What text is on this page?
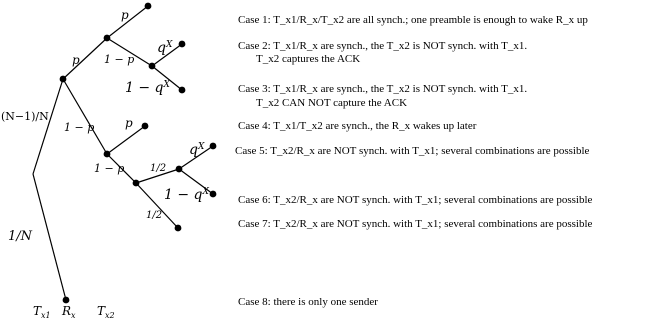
(N−1)/N
1/N
p
1 − p
p
1 − p
p
1 − p
$q^X$
$1 - q^X$
1/2
1/2
$q^X$
$1 - q^X$
$T_{x1}$ $R_x$ $T_{x2}$
Case 1: T_x1/R_x/T_x2 are all synch.; one preamble is enough to wake R_x up
Case 2: T_x1/R_x are synch., the T_x2 is NOT synch. with T_x1.
T_x2 captures the ACK
Case 3: T_x1/R_x are synch., the T_x2 is NOT synch. with T_x1.
T_x2 CAN NOT capture the ACK
Case 4: T_x1/T_x2 are synch., the R_x wakes up later
Case 5: T_x2/R_x are NOT synch. with T_x1; several combinations are possible
Case 6: T_x2/R_x are NOT synch. with T_x1; several combinations are possible
Case 7: T_x2/R_x are NOT synch. with T_x1; several combinations are possible
Case 8: there is only one sender
